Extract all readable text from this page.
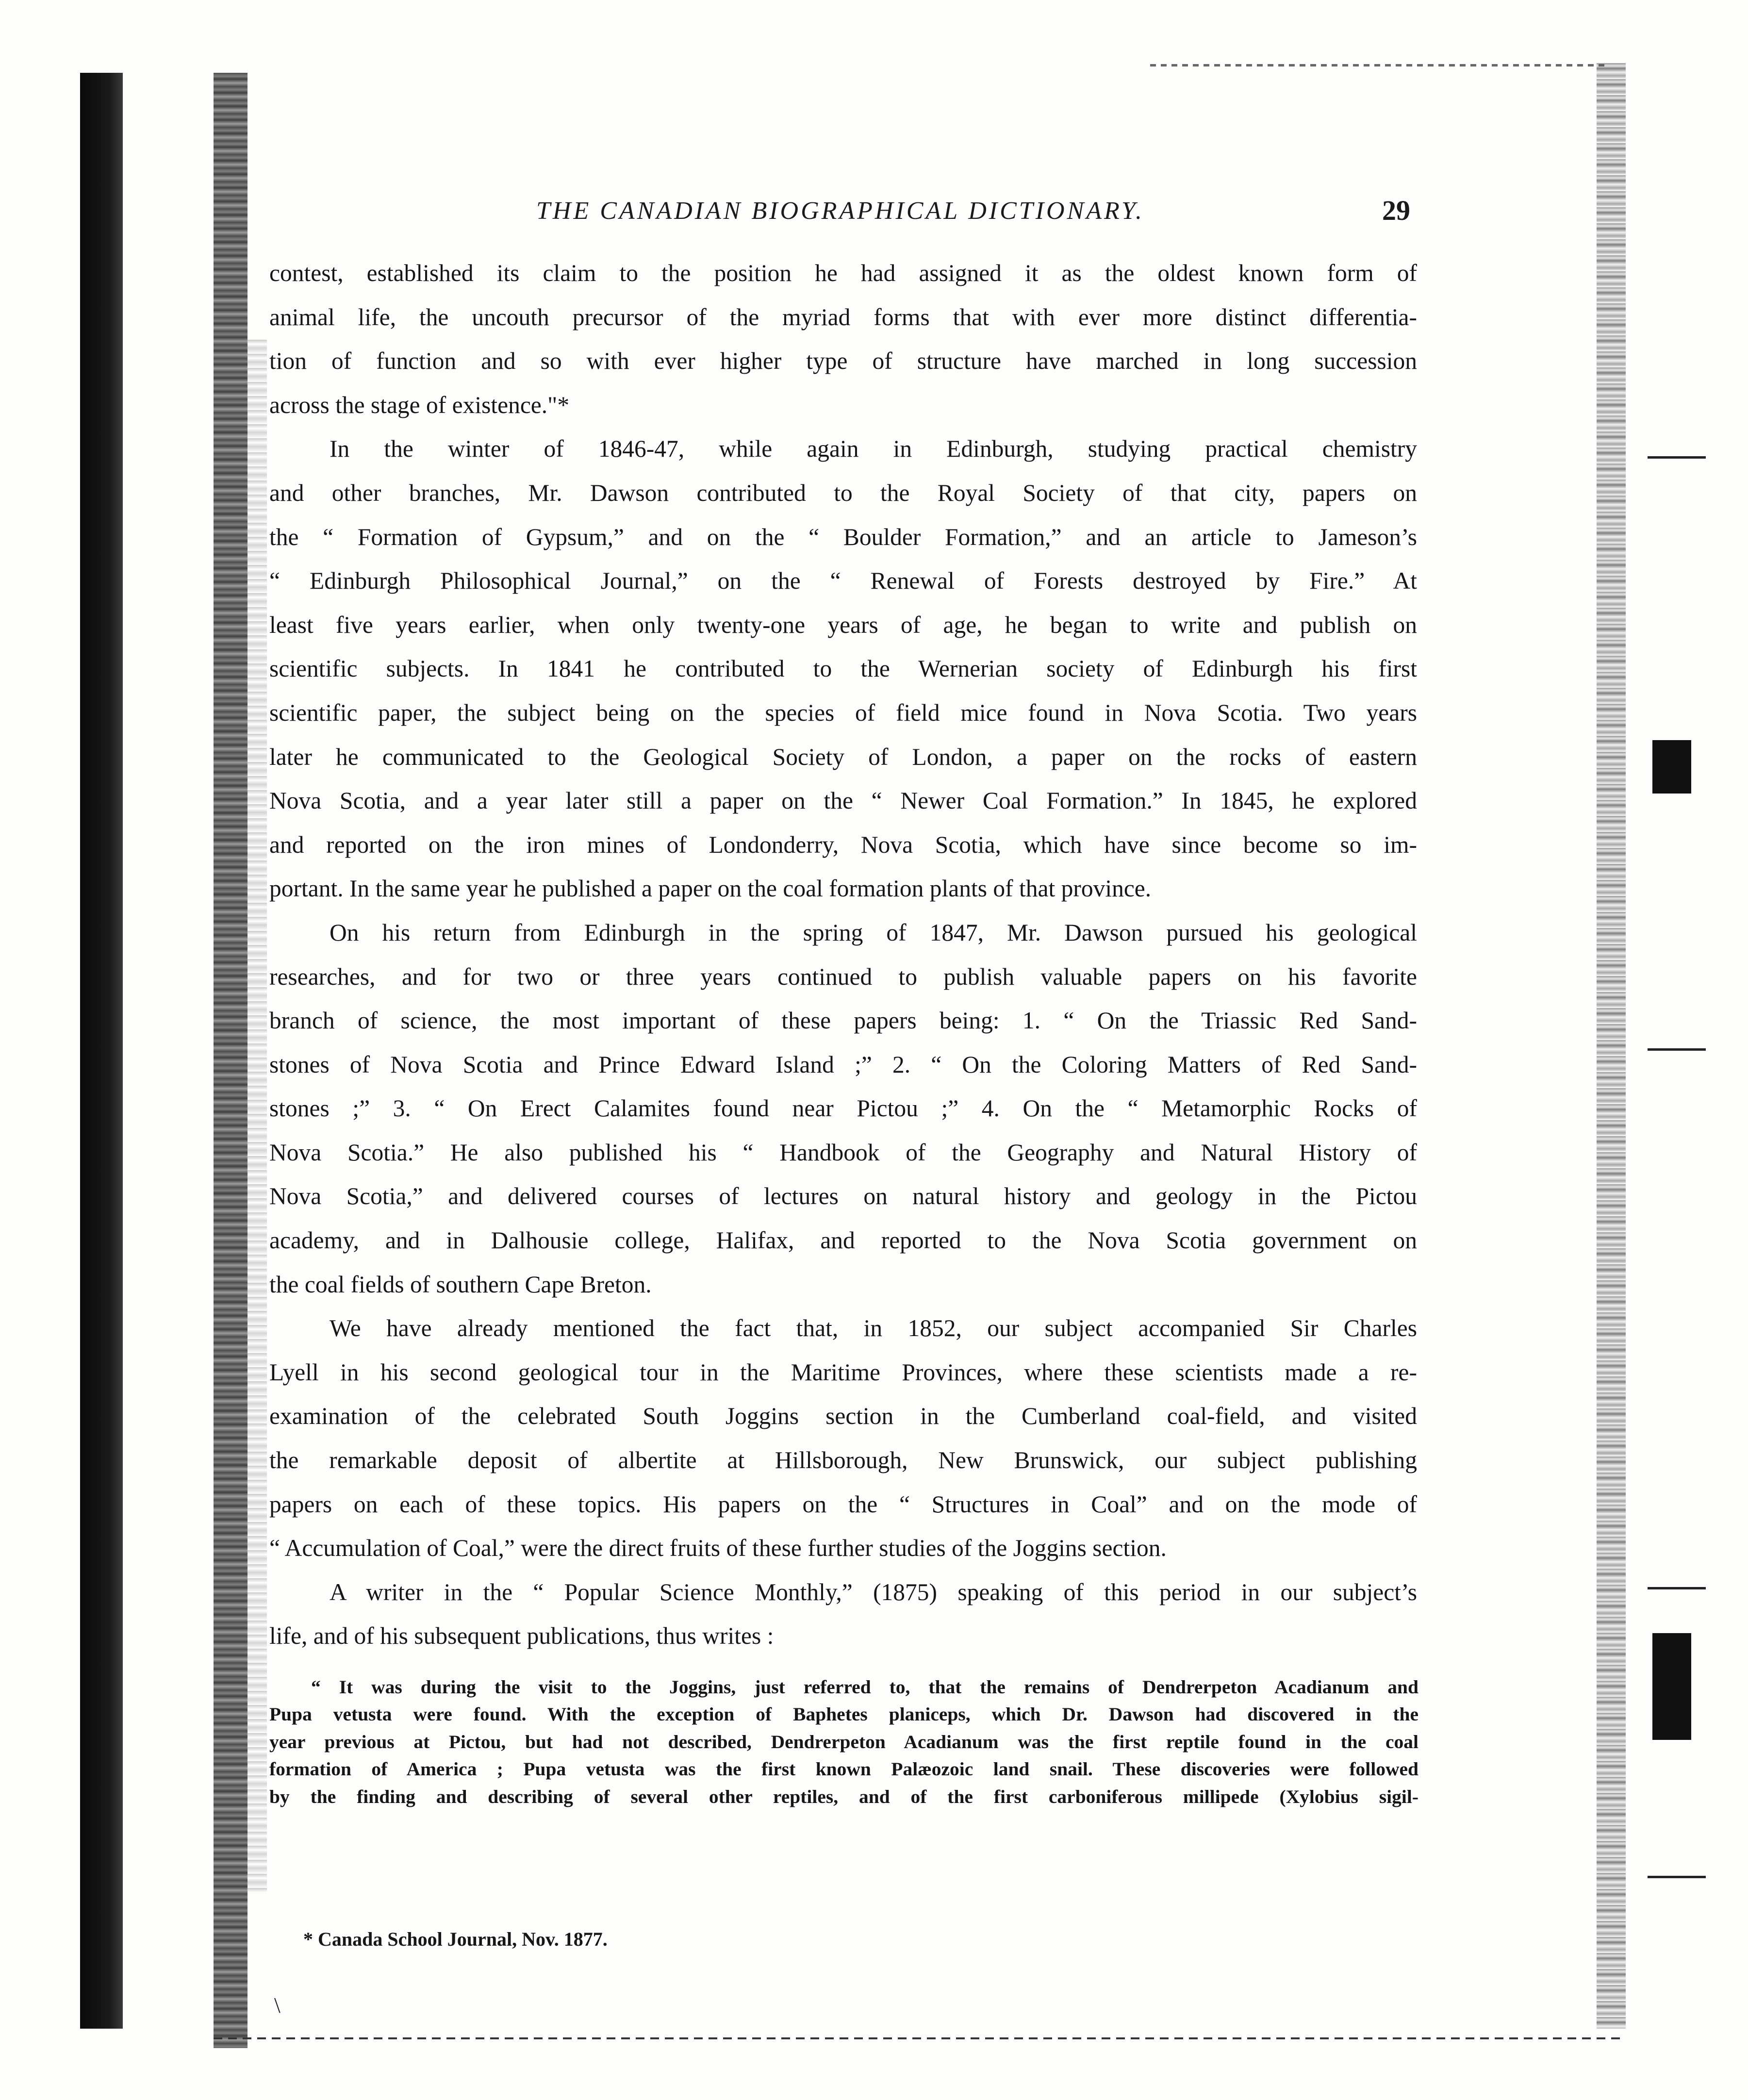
THE CANADIAN BIOGRAPHICAL DICTIONARY.	29
contest, established its claim to the position he had assigned it as the oldest known form of
animal life, the uncouth precursor of the myriad forms that with ever more distinct differentia-
tion of function and so with ever higher type of structure have marched in long succession
across the stage of existence."*
In the winter of 1846-47, while again in Edinburgh, studying practical chemistry
and other branches, Mr. Dawson contributed to the Royal Society of that city, papers on
the “ Formation of Gypsum,” and on the “ Boulder Formation,” and an article to Jameson’s
“ Edinburgh Philosophical Journal,” on the “ Renewal of Forests destroyed by Fire.” At
least five years earlier, when only twenty-one years of age, he began to write and publish on
scientific subjects. In 1841 he contributed to the Wernerian society of Edinburgh his first
scientific paper, the subject being on the species of field mice found in Nova Scotia. Two years
later he communicated to the Geological Society of London, a paper on the rocks of eastern
Nova Scotia, and a year later still a paper on the “ Newer Coal Formation.” In 1845, he explored
and reported on the iron mines of Londonderry, Nova Scotia, which have since become so im-
portant. In the same year he published a paper on the coal formation plants of that province.
On his return from Edinburgh in the spring of 1847, Mr. Dawson pursued his geological
researches, and for two or three years continued to publish valuable papers on his favorite
branch of science, the most important of these papers being: 1. “ On the Triassic Red Sand-
stones of Nova Scotia and Prince Edward Island ;” 2. “ On the Coloring Matters of Red Sand-
stones ;” 3. “ On Erect Calamites found near Pictou ;” 4. On the “ Metamorphic Rocks of
Nova Scotia.” He also published his “ Handbook of the Geography and Natural History of
Nova Scotia,” and delivered courses of lectures on natural history and geology in the Pictou
academy, and in Dalhousie college, Halifax, and reported to the Nova Scotia government on
the coal fields of southern Cape Breton.
We have already mentioned the fact that, in 1852, our subject accompanied Sir Charles
Lyell in his second geological tour in the Maritime Provinces, where these scientists made a re-
examination of the celebrated South Joggins section in the Cumberland coal-field, and visited
the remarkable deposit of albertite at Hillsborough, New Brunswick, our subject publishing
papers on each of these topics. His papers on the “ Structures in Coal” and on the mode of
“ Accumulation of Coal,” were the direct fruits of these further studies of the Joggins section.
A writer in the “ Popular Science Monthly,” (1875) speaking of this period in our subject’s
life, and of his subsequent publications, thus writes :
“ It was during the visit to the Joggins, just referred to, that the remains of Dendrerpeton Acadianum and
Pupa vetusta were found. With the exception of Baphetes planiceps, which Dr. Dawson had discovered in the
year previous at Pictou, but had not described, Dendrerpeton Acadianum was the first reptile found in the coal
formation of America ; Pupa vetusta was the first known Palæozoic land snail. These discoveries were followed
by the finding and describing of several other reptiles, and of the first carboniferous millipede (Xylobius sigil-
* Canada School Journal, Nov. 1877.
\
